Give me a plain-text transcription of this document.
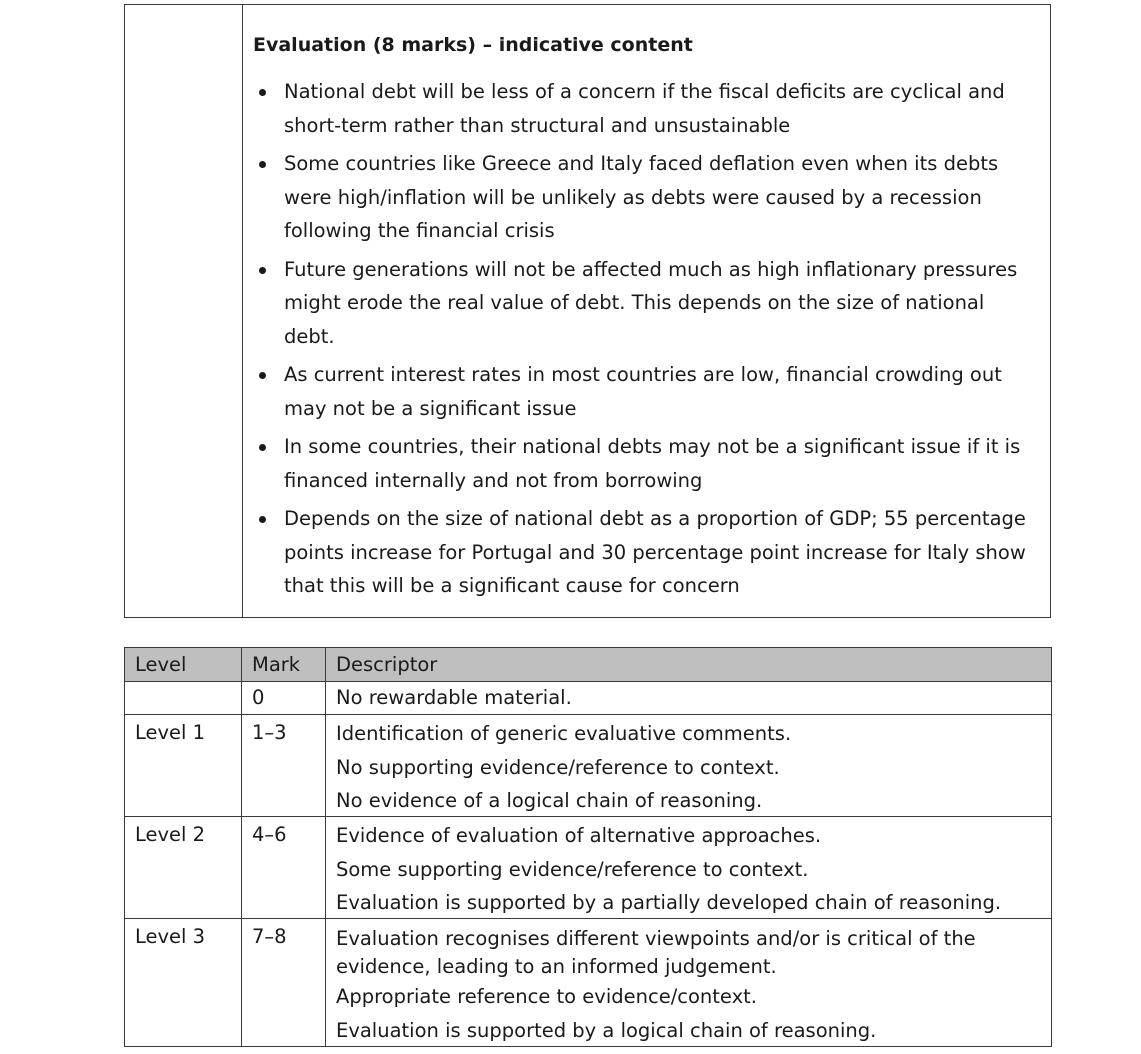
Evaluation (8 marks) – indicative content
National debt will be less of a concern if the fiscal deficits are cyclical and short-term rather than structural and unsustainable
Some countries like Greece and Italy faced deflation even when its debts were high/inflation will be unlikely as debts were caused by a recession following the financial crisis
Future generations will not be affected much as high inflationary pressures might erode the real value of debt. This depends on the size of national debt.
As current interest rates in most countries are low, financial crowding out may not be a significant issue
In some countries, their national debts may not be a significant issue if it is financed internally and not from borrowing
Depends on the size of national debt as a proportion of GDP; 55 percentage points increase for Portugal and 30 percentage point increase for Italy show that this will be a significant cause for concern
Level	Mark	Descriptor
	0	No rewardable material.
Level 1	1–3	Identification of generic evaluative comments.
No supporting evidence/reference to context.
No evidence of a logical chain of reasoning.

Level 2	4–6	Evidence of evaluation of alternative approaches.
Some supporting evidence/reference to context.
Evaluation is supported by a partially developed chain of reasoning.

Level 3	7–8	Evaluation recognises different viewpoints and/or is critical of the evidence, leading to an informed judgement.
Appropriate reference to evidence/context.
Evaluation is supported by a logical chain of reasoning.
